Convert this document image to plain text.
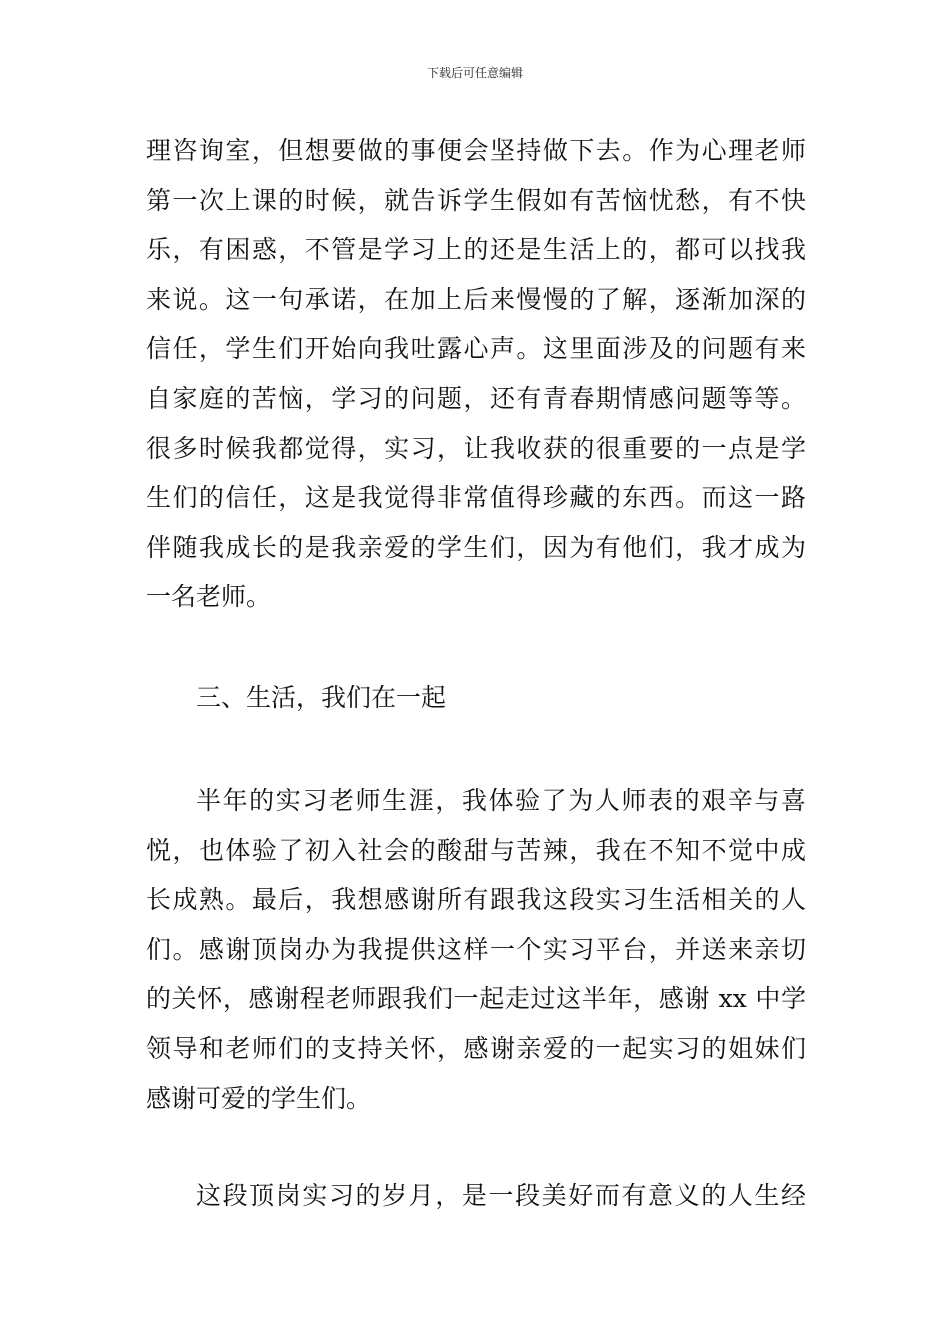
下载后可任意编辑
理咨询室，但想要做的事便会坚持做下去。作为心理老师
第一次上课的时候，就告诉学生假如有苦恼忧愁，有不快
乐，有困惑，不管是学习上的还是生活上的，都可以找我
来说。这一句承诺，在加上后来慢慢的了解，逐渐加深的
信任，学生们开始向我吐露心声。这里面涉及的问题有来
自家庭的苦恼，学习的问题，还有青春期情感问题等等。
很多时候我都觉得，实习，让我收获的很重要的一点是学
生们的信任，这是我觉得非常值得珍藏的东西。而这一路
伴随我成长的是我亲爱的学生们，因为有他们，我才成为
一名老师。
三、生活，我们在一起
半年的实习老师生涯，我体验了为人师表的艰辛与喜
悦，也体验了初入社会的酸甜与苦辣，我在不知不觉中成
长成熟。最后，我想感谢所有跟我这段实习生活相关的人
们。感谢顶岗办为我提供这样一个实习平台，并送来亲切
的关怀，感谢程老师跟我们一起走过这半年，感谢 xx 中学
领导和老师们的支持关怀，感谢亲爱的一起实习的姐妹们
感谢可爱的学生们。
这段顶岗实习的岁月，是一段美好而有意义的人生经
